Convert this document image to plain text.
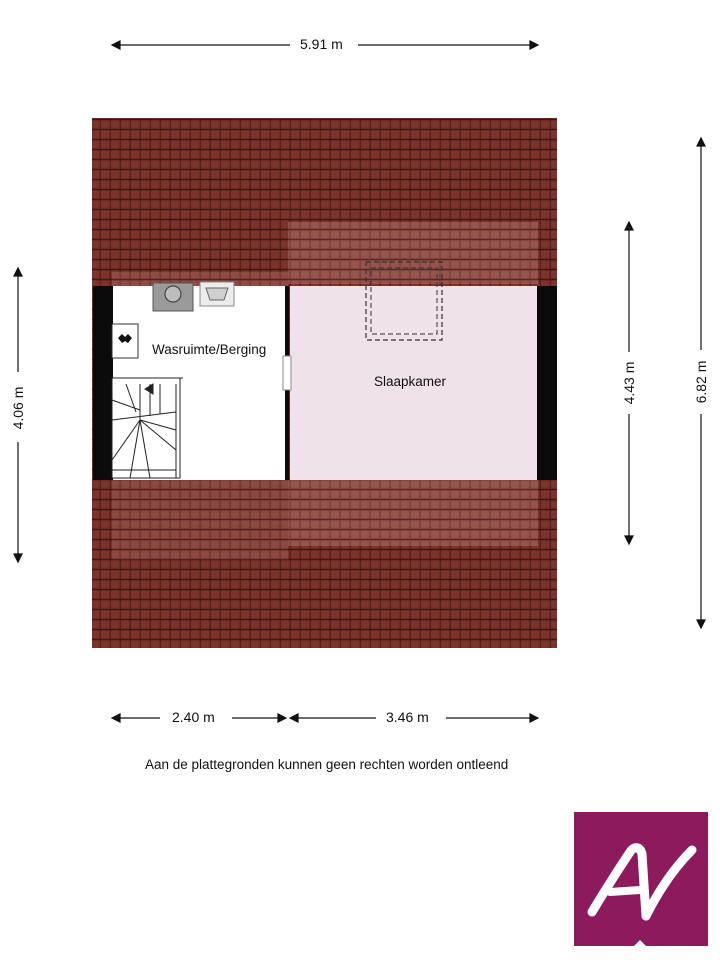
5.91 m
2.40 m	3.46 m
4.06 m
4.43 m	6.82 m
Wasruimte/Berging
Slaapkamer
Aan de plattegronden kunnen geen rechten worden ontleend
